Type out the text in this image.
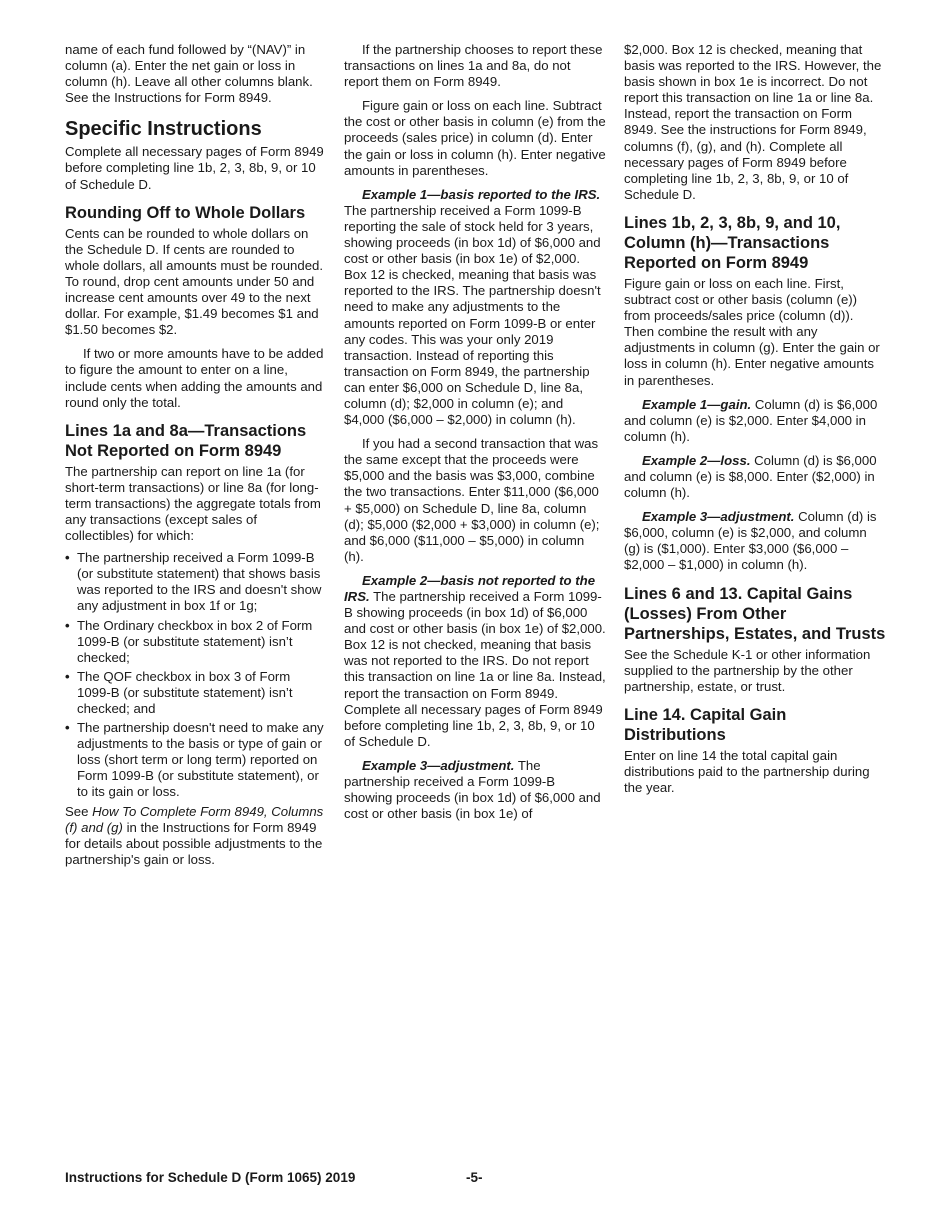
name of each fund followed by “(NAV)” in column (a). Enter the net gain or loss in column (h). Leave all other columns blank. See the Instructions for Form 8949.

Specific Instructions

Complete all necessary pages of Form 8949 before completing line 1b, 2, 3, 8b, 9, or 10 of Schedule D.

Rounding Off to Whole Dollars

Cents can be rounded to whole dollars on the Schedule D. If cents are rounded to whole dollars, all amounts must be rounded. To round, drop cent amounts under 50 and increase cent amounts over 49 to the next dollar. For example, $1.49 becomes $1 and $1.50 becomes $2.

If two or more amounts have to be added to figure the amount to enter on a line, include cents when adding the amounts and round only the total.

Lines 1a and 8a—Transactions Not Reported on Form 8949

The partnership can report on line 1a (for short-term transactions) or line 8a (for long-term transactions) the aggregate totals from any transactions (except sales of collectibles) for which:

• The partnership received a Form 1099-B (or substitute statement) that shows basis was reported to the IRS and doesn't show any adjustment in box 1f or 1g;
• The Ordinary checkbox in box 2 of Form 1099-B (or substitute statement) isn’t checked;
• The QOF checkbox in box 3 of Form 1099-B (or substitute statement) isn’t checked; and
• The partnership doesn't need to make any adjustments to the basis or type of gain or loss (short term or long term) reported on Form 1099-B (or substitute statement), or to its gain or loss.

See How To Complete Form 8949, Columns (f) and (g) in the Instructions for Form 8949 for details about possible adjustments to the partnership's gain or loss.

If the partnership chooses to report these transactions on lines 1a and 8a, do not report them on Form 8949.

Figure gain or loss on each line. Subtract the cost or other basis in column (e) from the proceeds (sales price) in column (d). Enter the gain or loss in column (h). Enter negative amounts in parentheses.

Example 1—basis reported to the IRS. The partnership received a Form 1099-B reporting the sale of stock held for 3 years, showing proceeds (in box 1d) of $6,000 and cost or other basis (in box 1e) of $2,000. Box 12 is checked, meaning that basis was reported to the IRS. The partnership doesn't need to make any adjustments to the amounts reported on Form 1099-B or enter any codes. This was your only 2019 transaction. Instead of reporting this transaction on Form 8949, the partnership can enter $6,000 on Schedule D, line 8a, column (d); $2,000 in column (e); and $4,000 ($6,000 – $2,000) in column (h).

If you had a second transaction that was the same except that the proceeds were $5,000 and the basis was $3,000, combine the two transactions. Enter $11,000 ($6,000 + $5,000) on Schedule D, line 8a, column (d); $5,000 ($2,000 + $3,000) in column (e); and $6,000 ($11,000 – $5,000) in column (h).

Example 2—basis not reported to the IRS. The partnership received a Form 1099-B showing proceeds (in box 1d) of $6,000 and cost or other basis (in box 1e) of $2,000. Box 12 is not checked, meaning that basis was not reported to the IRS. Do not report this transaction on line 1a or line 8a. Instead, report the transaction on Form 8949. Complete all necessary pages of Form 8949 before completing line 1b, 2, 3, 8b, 9, or 10 of Schedule D.

Example 3—adjustment. The partnership received a Form 1099-B showing proceeds (in box 1d) of $6,000 and cost or other basis (in box 1e) of

$2,000. Box 12 is checked, meaning that basis was reported to the IRS. However, the basis shown in box 1e is incorrect. Do not report this transaction on line 1a or line 8a. Instead, report the transaction on Form 8949. See the instructions for Form 8949, columns (f), (g), and (h). Complete all necessary pages of Form 8949 before completing line 1b, 2, 3, 8b, 9, or 10 of Schedule D.

Lines 1b, 2, 3, 8b, 9, and 10, Column (h)—Transactions Reported on Form 8949

Figure gain or loss on each line. First, subtract cost or other basis (column (e)) from proceeds/sales price (column (d)). Then combine the result with any adjustments in column (g). Enter the gain or loss in column (h). Enter negative amounts in parentheses.

Example 1—gain. Column (d) is $6,000 and column (e) is $2,000. Enter $4,000 in column (h).

Example 2—loss. Column (d) is $6,000 and column (e) is $8,000. Enter ($2,000) in column (h).

Example 3—adjustment. Column (d) is $6,000, column (e) is $2,000, and column (g) is ($1,000). Enter $3,000 ($6,000 – $2,000 – $1,000) in column (h).

Lines 6 and 13. Capital Gains (Losses) From Other Partnerships, Estates, and Trusts

See the Schedule K-1 or other information supplied to the partnership by the other partnership, estate, or trust.

Line 14. Capital Gain Distributions

Enter on line 14 the total capital gain distributions paid to the partnership during the year.

Instructions for Schedule D (Form 1065) 2019	-5-
